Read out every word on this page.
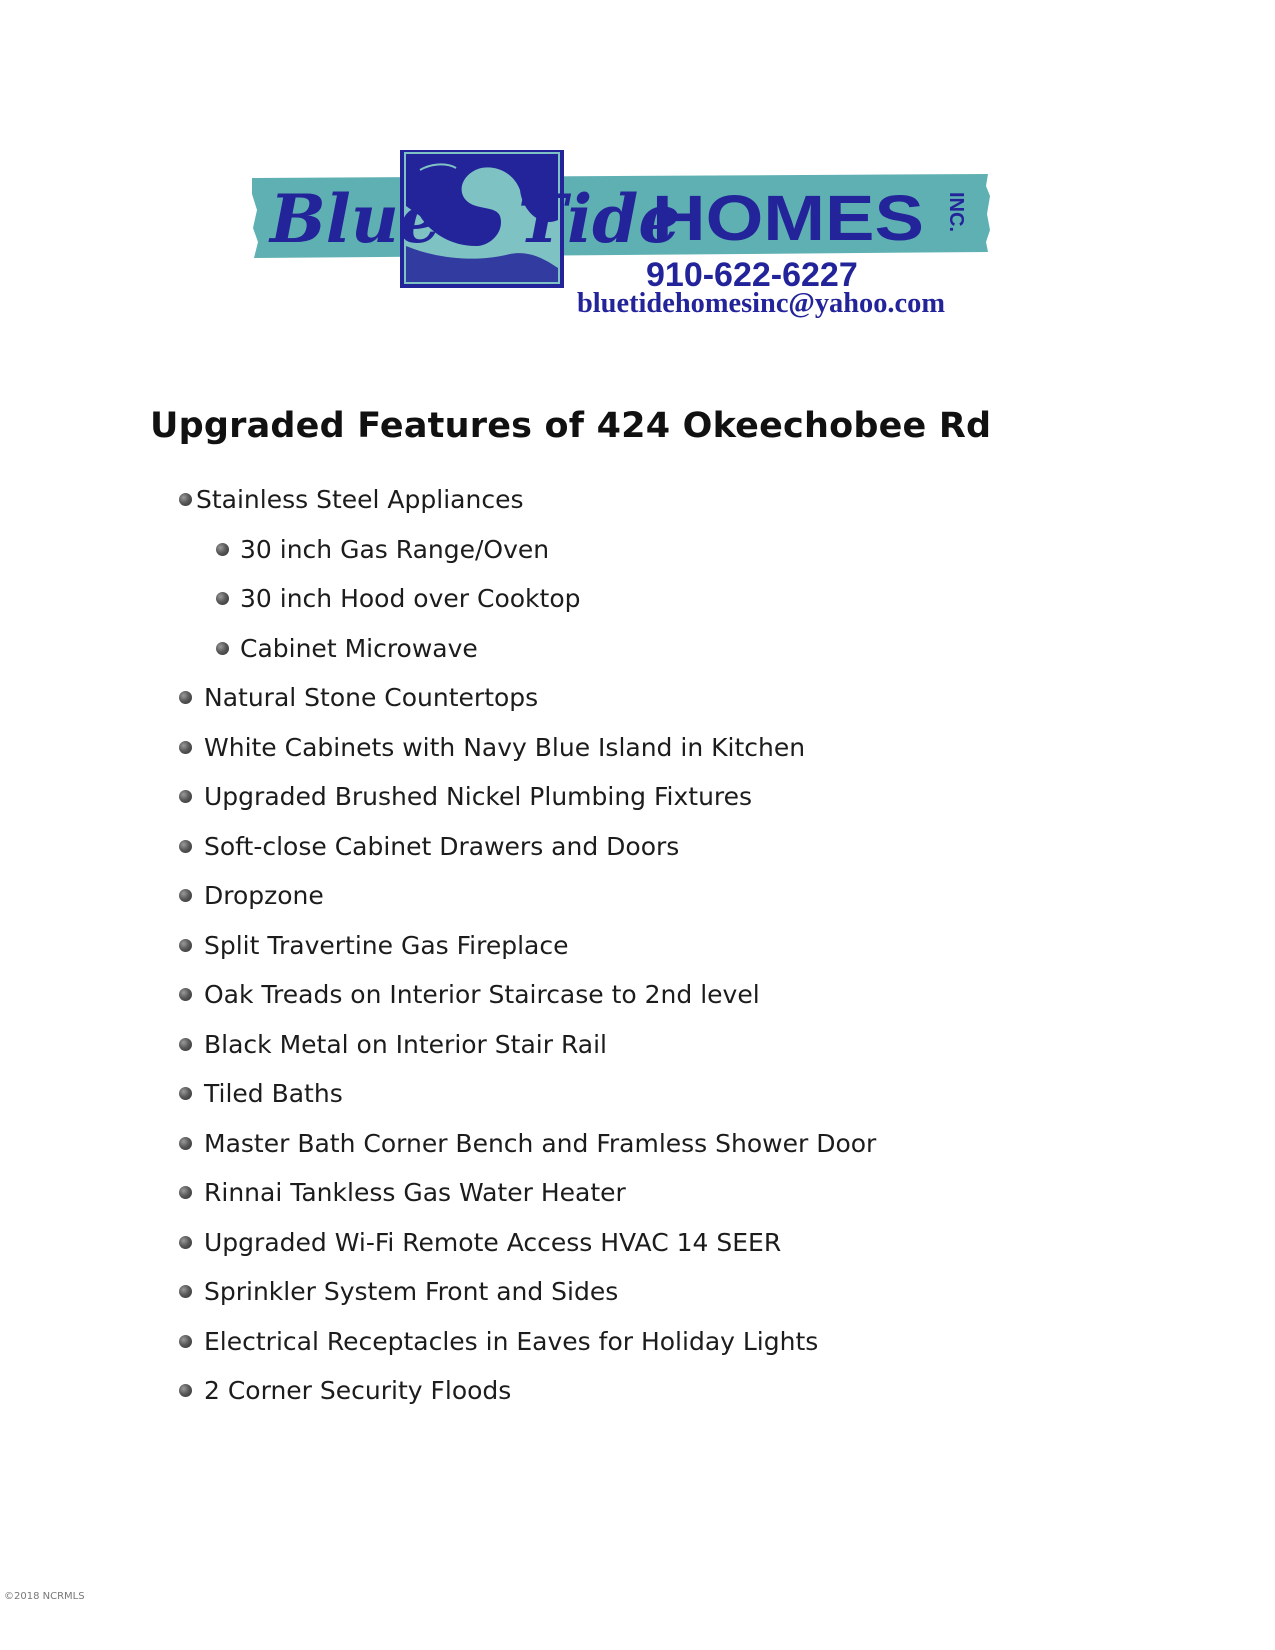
Blue Tide
HOMES INC.
910-622-6227
bluetidehomesinc@yahoo.com
Upgraded Features of 424 Okeechobee Rd
Stainless Steel Appliances
30 inch Gas Range/Oven
30 inch Hood over Cooktop
Cabinet Microwave
Natural Stone Countertops
White Cabinets with Navy Blue Island in Kitchen
Upgraded Brushed Nickel Plumbing Fixtures
Soft-close Cabinet Drawers and Doors
Dropzone
Split Travertine Gas Fireplace
Oak Treads on Interior Staircase to 2nd level
Black Metal on Interior Stair Rail
Tiled Baths
Master Bath Corner Bench and Framless Shower Door
Rinnai Tankless Gas Water Heater
Upgraded Wi-Fi Remote Access HVAC 14 SEER
Sprinkler System Front and Sides
Electrical Receptacles in Eaves for Holiday Lights
2 Corner Security Floods
©2018 NCRMLS
